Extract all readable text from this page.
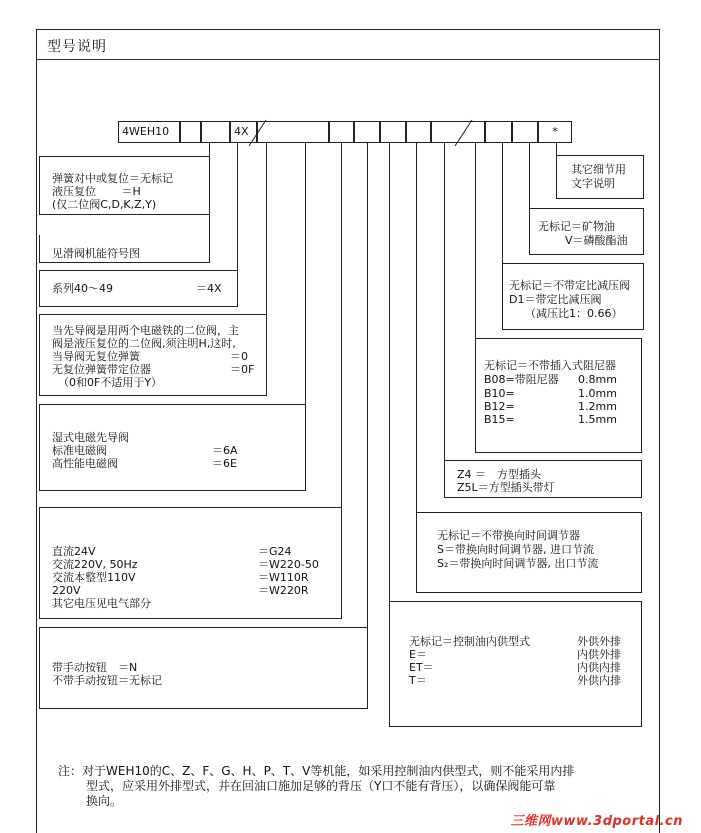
型号说明
4WEH10	4X	*
弹簧对中或复位＝无标记
液压复位　　 ＝H
(仅二位阀C,D,K,Z,Y)
见滑阀机能符号图
系列40～49	＝4X
当先导阀是用两个电磁铁的二位阀，主
阀是液压复位的二位阀,须注明H,这时,
当导阀无复位弹簧	＝0
无复位弹簧带定位器	＝0F
（0和0F不适用于Y）
湿式电磁先导阀
标准电磁阀	＝6A
高性能电磁阀	＝6E
直流24V	＝G24
交流220V, 50Hz	＝W220-50
交流本整型110V	＝W110R
220V	＝W220R
其它电压见电气部分
带手动按钮　＝N
不带手动按钮＝无标记
其它细节用
文字说明
无标记＝矿物油
V＝磷酸酯油
无标记＝不带定比减压阀
D1＝带定比减压阀
（减压比1：0.66）
无标记＝不带插入式阻尼器
B08=带阻尼器 0.8mm
B10=	1.0mm
B12=	1.2mm
B15=	1.5mm
Z4 ＝　方型插头
Z5L＝方型插头带灯
无标记＝不带换向时间调节器
S＝带换向时间调节器, 进口节流
S₂＝带换向时间调节器, 出口节流
无标记＝控制油内供型式	外供外排
E＝	内供外排
ET＝	内供内排
T＝	外供内排
注：对于WEH10的C、Z、F、G、H、P、T、V等机能，如采用控制油内供型式，则不能采用内排
型式，应采用外排型式，并在回油口施加足够的背压（Y口不能有背压），以确保阀能可靠
换向。
三维网www.3dportal.cn
